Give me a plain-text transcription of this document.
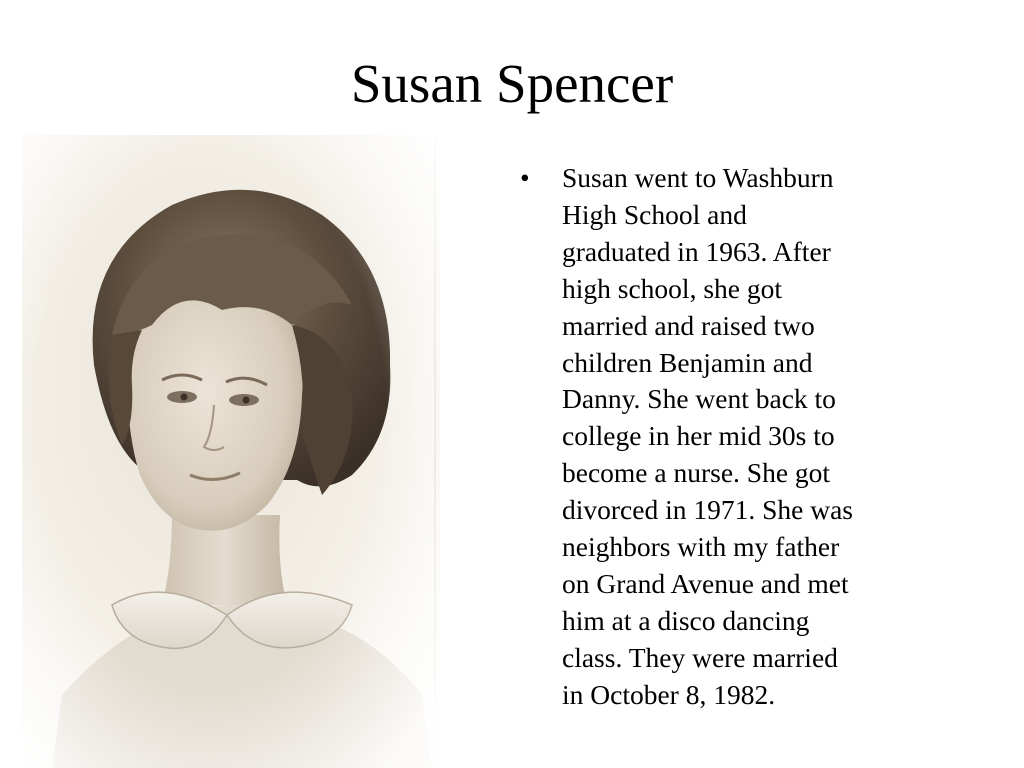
Susan Spencer
• Susan went to Washburn
High School and
graduated in 1963. After
high school, she got
married and raised two
children Benjamin and
Danny. She went back to
college in her mid 30s to
become a nurse. She got
divorced in 1971. She was
neighbors with my father
on Grand Avenue and met
him at a disco dancing
class. They were married
in October 8, 1982.
